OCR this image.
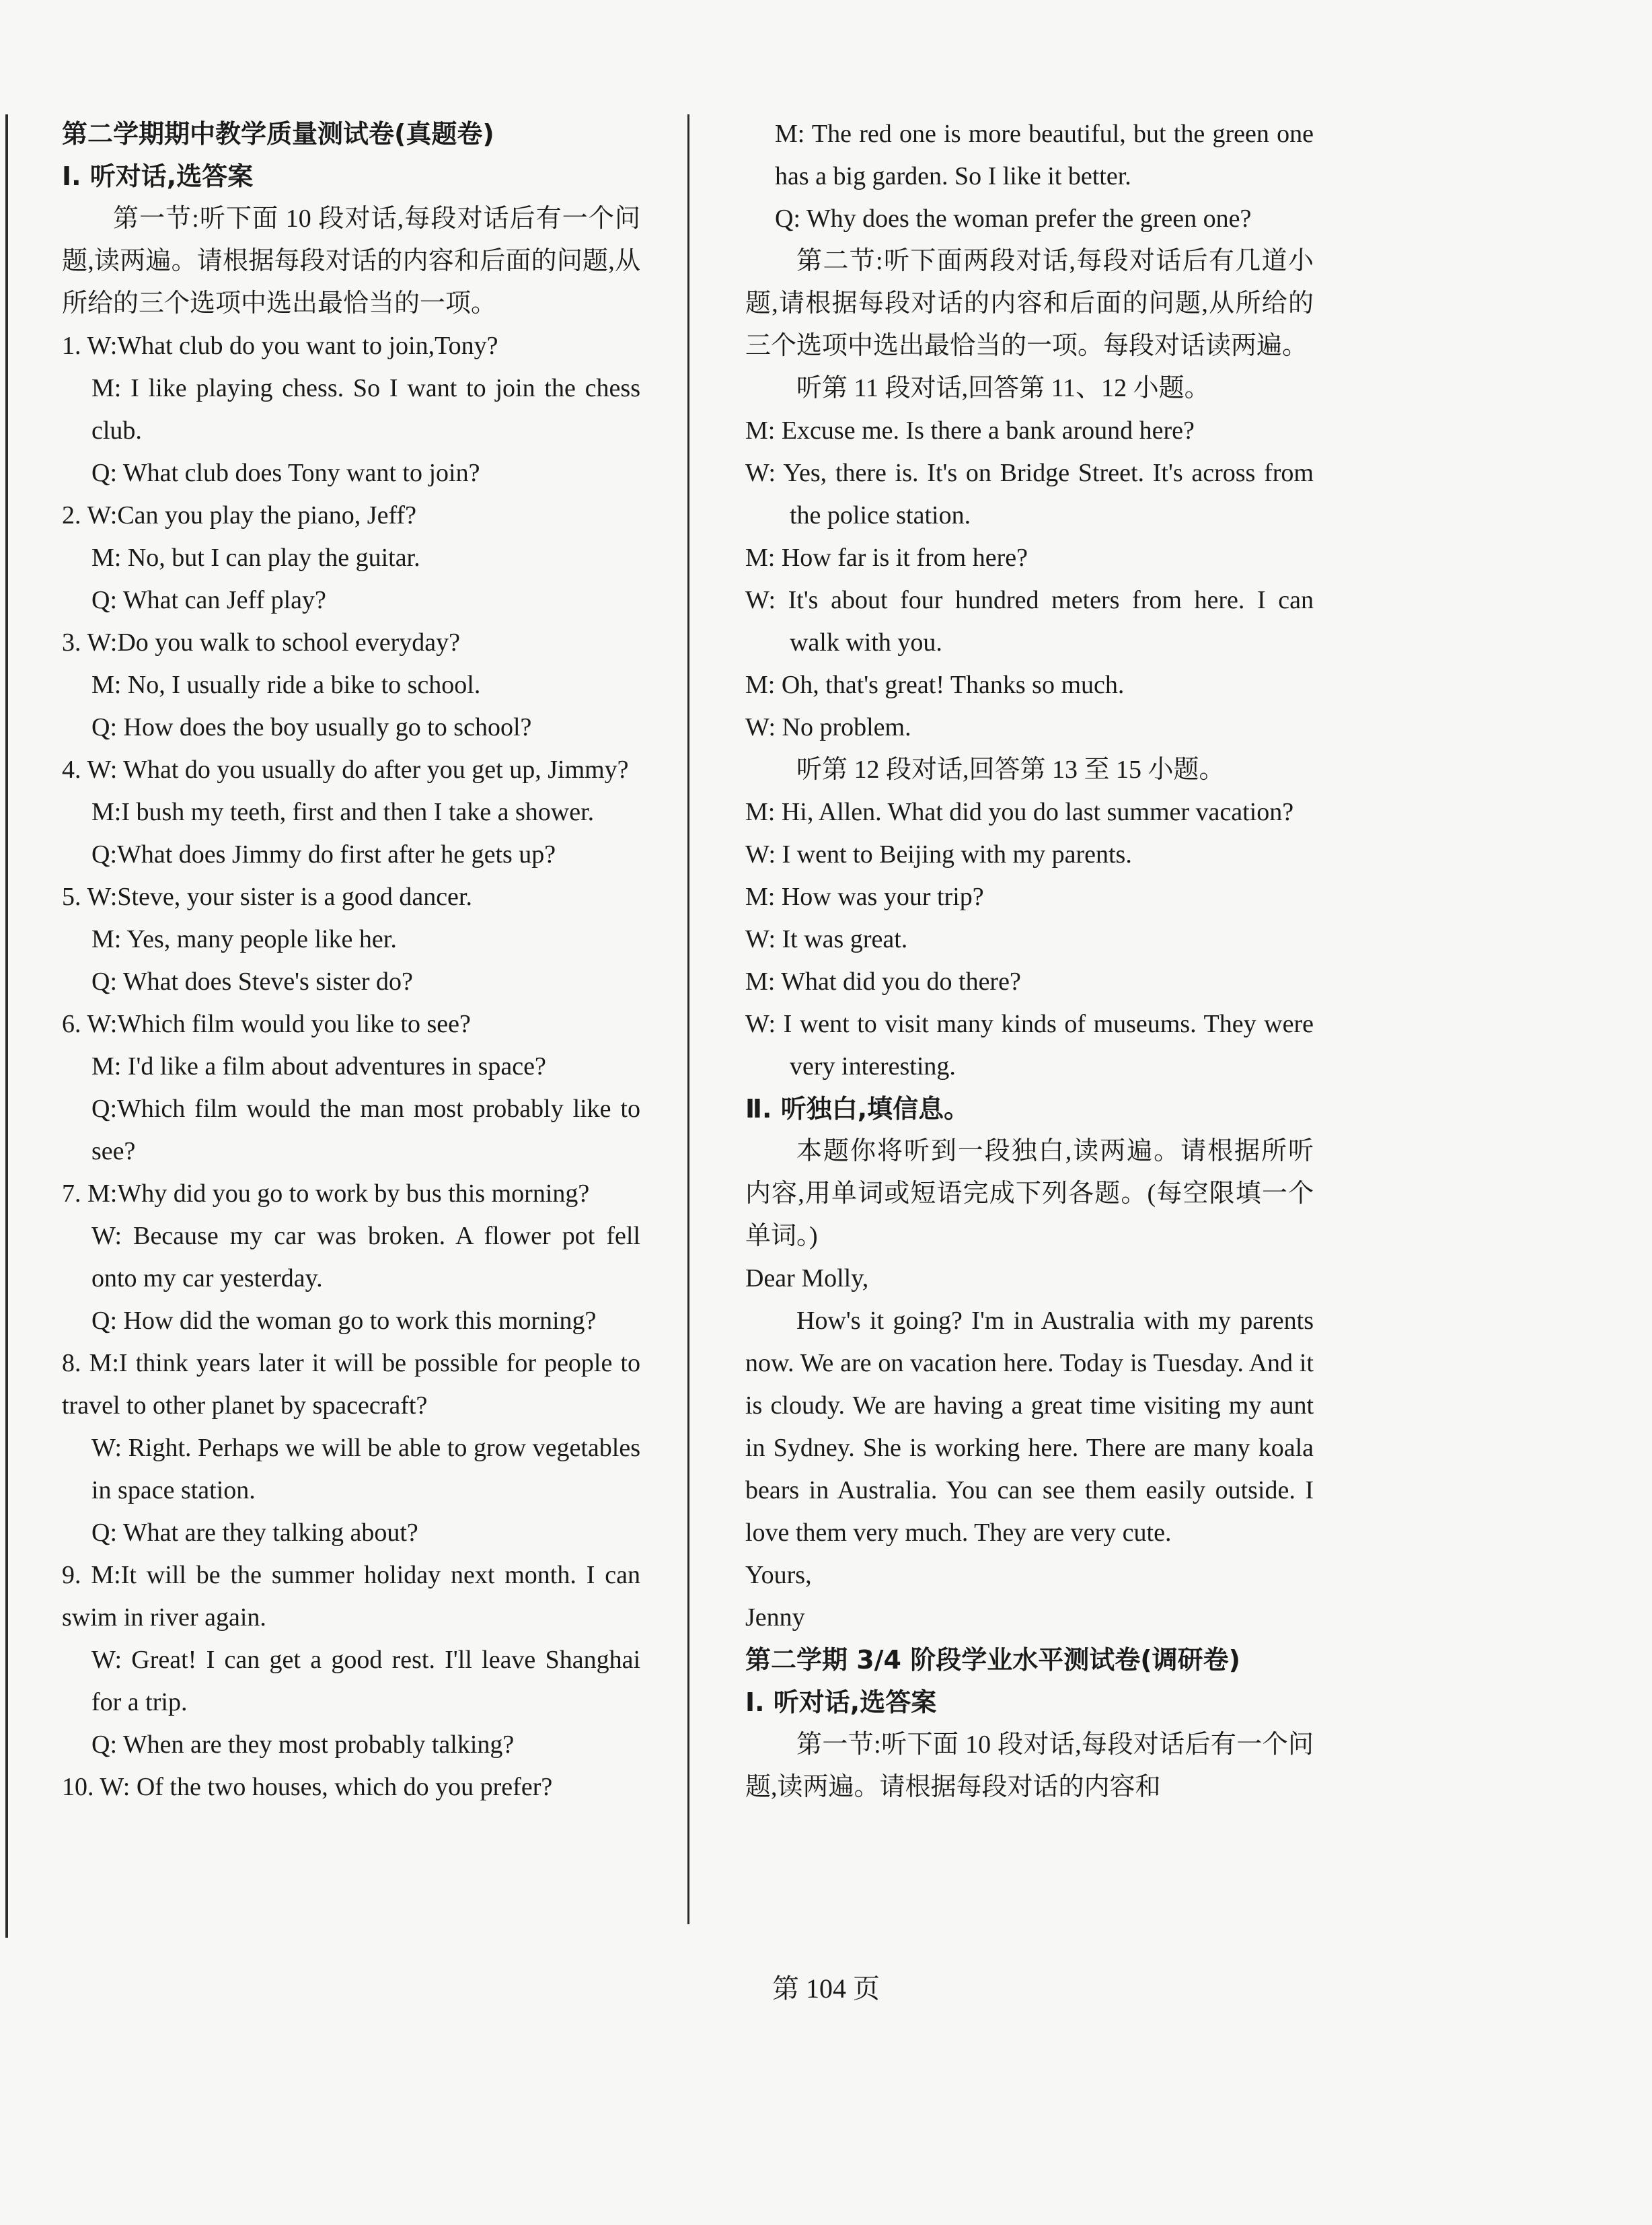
第二学期期中教学质量测试卷(真题卷)

Ⅰ. 听对话,选答案

第一节:听下面 10 段对话,每段对话后有一个问题,读两遍。请根据每段对话的内容和后面的问题,从所给的三个选项中选出最恰当的一项。

1. W:What club do you want to join,Tony?

M: I like playing chess. So I want to join the chess club.

Q: What club does Tony want to join?

2. W:Can you play the piano, Jeff?

M: No, but I can play the guitar.

Q: What can Jeff play?

3. W:Do you walk to school everyday?

M: No, I usually ride a bike to school.

Q: How does the boy usually go to school?

4. W: What do you usually do after you get up, Jimmy?

M:I bush my teeth, first and then I take a shower.

Q:What does Jimmy do first after he gets up?

5. W:Steve, your sister is a good dancer.

M: Yes, many people like her.

Q: What does Steve's sister do?

6. W:Which film would you like to see?

M: I'd like a film about adventures in space?

Q:Which film would the man most probably like to see?

7. M:Why did you go to work by bus this morning?

W: Because my car was broken. A flower pot fell onto my car yesterday.

Q: How did the woman go to work this morning?

8. M:I think years later it will be possible for people to travel to other planet by spacecraft?

W: Right. Perhaps we will be able to grow vegetables in space station.

Q: What are they talking about?

9. M:It will be the summer holiday next month. I can swim in river again.

W: Great! I can get a good rest. I'll leave Shanghai for a trip.

Q: When are they most probably talking?

10. W: Of the two houses, which do you prefer?

M: The red one is more beautiful, but the green one has a big garden. So I like it better.

Q: Why does the woman prefer the green one?

第二节:听下面两段对话,每段对话后有几道小题,请根据每段对话的内容和后面的问题,从所给的三个选项中选出最恰当的一项。每段对话读两遍。

听第 11 段对话,回答第 11、12 小题。

M: Excuse me. Is there a bank around here?

W: Yes, there is. It's on Bridge Street. It's across from the police station.

M: How far is it from here?

W: It's about four hundred meters from here. I can walk with you.

M: Oh, that's great! Thanks so much.

W: No problem.

听第 12 段对话,回答第 13 至 15 小题。

M: Hi, Allen. What did you do last summer vacation?

W: I went to Beijing with my parents.

M: How was your trip?

W: It was great.

M: What did you do there?

W: I went to visit many kinds of museums. They were very interesting.

Ⅱ. 听独白,填信息。

本题你将听到一段独白,读两遍。请根据所听内容,用单词或短语完成下列各题。(每空限填一个单词。)

Dear Molly,

How's it going? I'm in Australia with my parents now. We are on vacation here. Today is Tuesday. And it is cloudy. We are having a great time visiting my aunt in Sydney. She is working here. There are many koala bears in Australia. You can see them easily outside. I love them very much. They are very cute.

Yours,

Jenny

第二学期 3/4 阶段学业水平测试卷(调研卷)

Ⅰ. 听对话,选答案

第一节:听下面 10 段对话,每段对话后有一个问题,读两遍。请根据每段对话的内容和

第 104 页
